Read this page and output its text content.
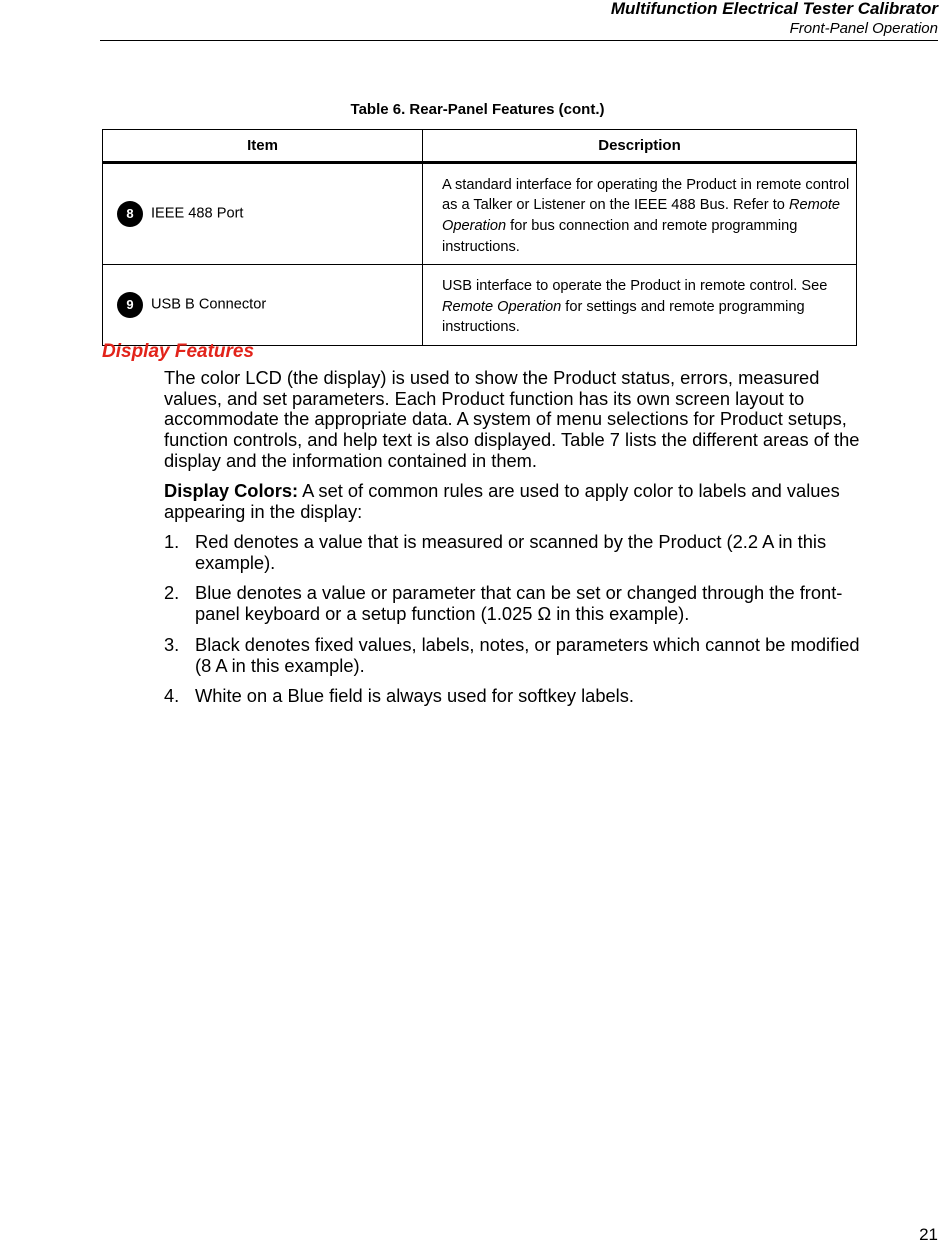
Multifunction Electrical Tester Calibrator
Front-Panel Operation
Table 6. Rear-Panel Features (cont.)
Item	Description
8 IEEE 488 Port	A standard interface for operating the Product in remote control as a Talker or Listener on the IEEE 488 Bus. Refer to Remote Operation for bus connection and remote programming instructions.
9 USB B Connector	USB interface to operate the Product in remote control. See Remote Operation for settings and remote programming instructions.
Display Features
The color LCD (the display) is used to show the Product status, errors, measured values, and set parameters. Each Product function has its own screen layout to accommodate the appropriate data. A system of menu selections for Product setups, function controls, and help text is also displayed. Table 7 lists the different areas of the display and the information contained in them.
Display Colors: A set of common rules are used to apply color to labels and values appearing in the display:
1. Red denotes a value that is measured or scanned by the Product (2.2 A in this example).
2. Blue denotes a value or parameter that can be set or changed through the front-panel keyboard or a setup function (1.025 Ω in this example).
3. Black denotes fixed values, labels, notes, or parameters which cannot be modified (8 A in this example).
4. White on a Blue field is always used for softkey labels.
21
